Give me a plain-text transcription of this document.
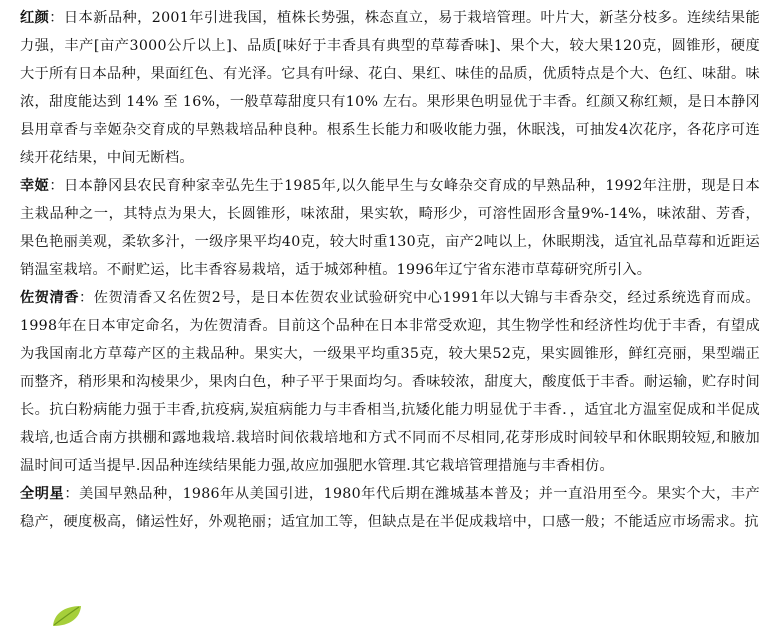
红颜：日本新品种，2001年引进我国，植株长势强，株态直立，易于栽培管理。叶片大，新茎分枝多。连续结果能力强，丰产[亩产3000公斤以上]、品质[味好于丰香具有典型的草莓香味]、果个大，较大果120克，圆锥形，硬度大于所有日本品种，果面红色、有光泽。它具有叶绿、花白、果红、味佳的品质，优质特点是个大、色红、味甜。味浓，甜度能达到 14% 至 16%，一般草莓甜度只有10% 左右。果形果色明显优于丰香。红颜又称红颊，是日本静冈县用章香与幸姬杂交育成的早熟栽培品种良种。根系生长能力和吸收能力强，休眠浅，可抽发4次花序，各花序可连续开花结果，中间无断档。

幸姬：日本静冈县农民育种家幸弘先生于1985年,以久能早生与女峰杂交育成的早熟品种，1992年注册，现是日本主栽品种之一，其特点为果大，长圆锥形，味浓甜，果实软，畸形少，可溶性固形含量9%-14%，味浓甜、芳香，果色艳丽美观，柔软多汁，一级序果平均40克，较大时重130克，亩产2吨以上，休眠期浅，适宜礼品草莓和近距运销温室栽培。不耐贮运，比丰香容易栽培，适于城郊种植。1996年辽宁省东港市草莓研究所引入。

佐贺清香：佐贺清香又名佐贺2号，是日本佐贺农业试验研究中心1991年以大锦与丰香杂交，经过系统选育而成。1998年在日本审定命名，为佐贺清香。目前这个品种在日本非常受欢迎，其生物学性和经济性均优于丰香，有望成为我国南北方草莓产区的主栽品种。果实大，一级果平均重35克，较大果52克，果实圆锥形，鲜红亮丽，果型端正而整齐，稍形果和沟棱果少，果肉白色，种子平于果面均匀。香味较浓，甜度大，酸度低于丰香。耐运输，贮存时间长。抗白粉病能力强于丰香,抗疫病,炭疽病能力与丰香相当,抗矮化能力明显优于丰香．，适宜北方温室促成和半促成栽培,也适合南方拱棚和露地栽培.栽培时间依栽培地和方式不同而不尽相同,花芽形成时间较早和休眠期较短,和腋加温时间可适当提早.因品种连续结果能力强,故应加强肥水管理.其它栽培管理措施与丰香相仿。

全明星：美国早熟品种，1986年从美国引进，1980年代后期在潍城基本普及；并一直沿用至今。果实个大，丰产稳产，硬度极高，储运性好，外观艳丽；适宜加工等，但缺点是在半促成栽培中，口感一般；不能适应市场需求。抗
